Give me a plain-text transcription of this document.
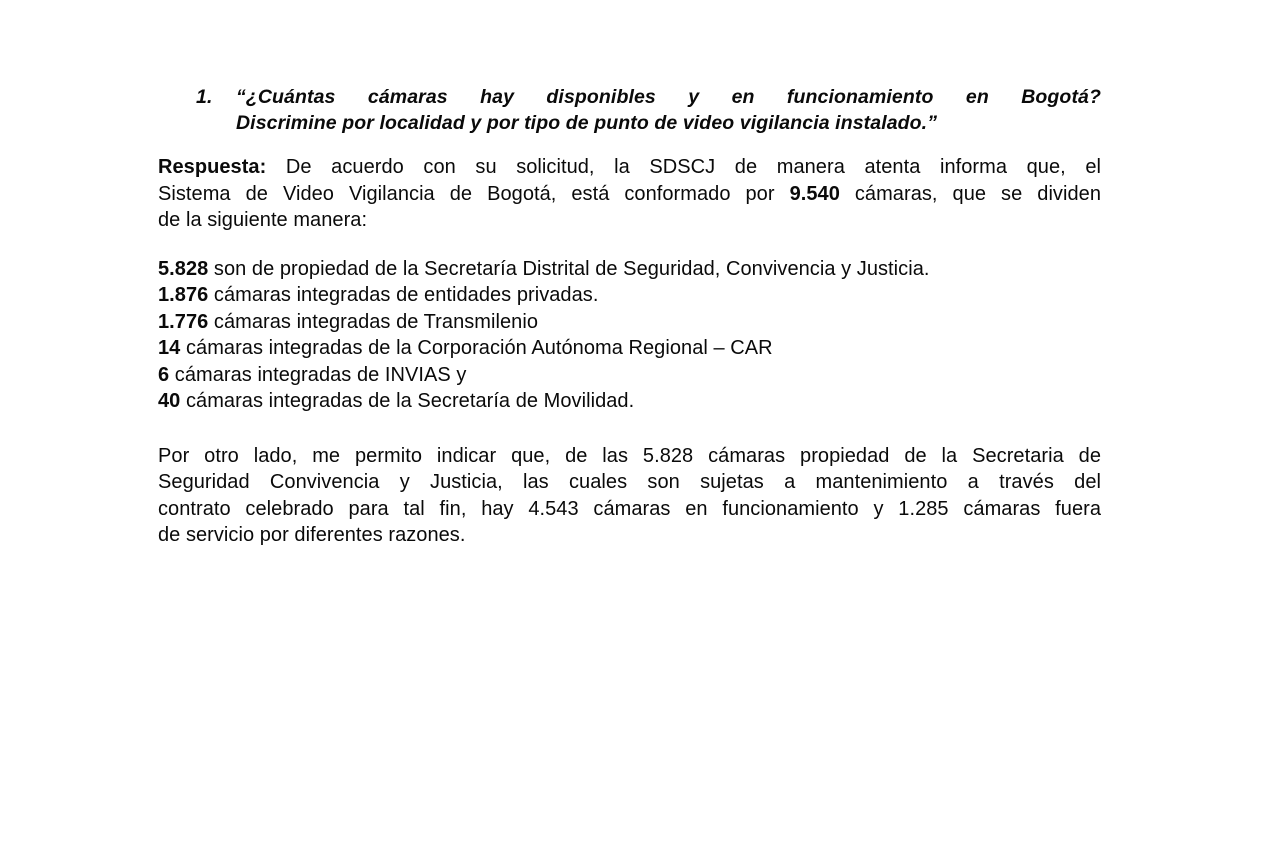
1.	“¿Cuántas cámaras hay disponibles y en funcionamiento en Bogotá?
Discrimine por localidad y por tipo de punto de video vigilancia instalado.”

Respuesta: De acuerdo con su solicitud, la SDSCJ de manera atenta informa que, el
Sistema de Video Vigilancia de Bogotá, está conformado por 9.540 cámaras, que se dividen
de la siguiente manera:

5.828 son de propiedad de la Secretaría Distrital de Seguridad, Convivencia y Justicia.
1.876 cámaras integradas de entidades privadas.
1.776 cámaras integradas de Transmilenio
14 cámaras integradas de la Corporación Autónoma Regional – CAR
6 cámaras integradas de INVIAS y
40 cámaras integradas de la Secretaría de Movilidad.

Por otro lado, me permito indicar que, de las 5.828 cámaras propiedad de la Secretaria de
Seguridad Convivencia y Justicia, las cuales son sujetas a mantenimiento a través del
contrato celebrado para tal fin, hay 4.543 cámaras en funcionamiento y 1.285 cámaras fuera
de servicio por diferentes razones.
